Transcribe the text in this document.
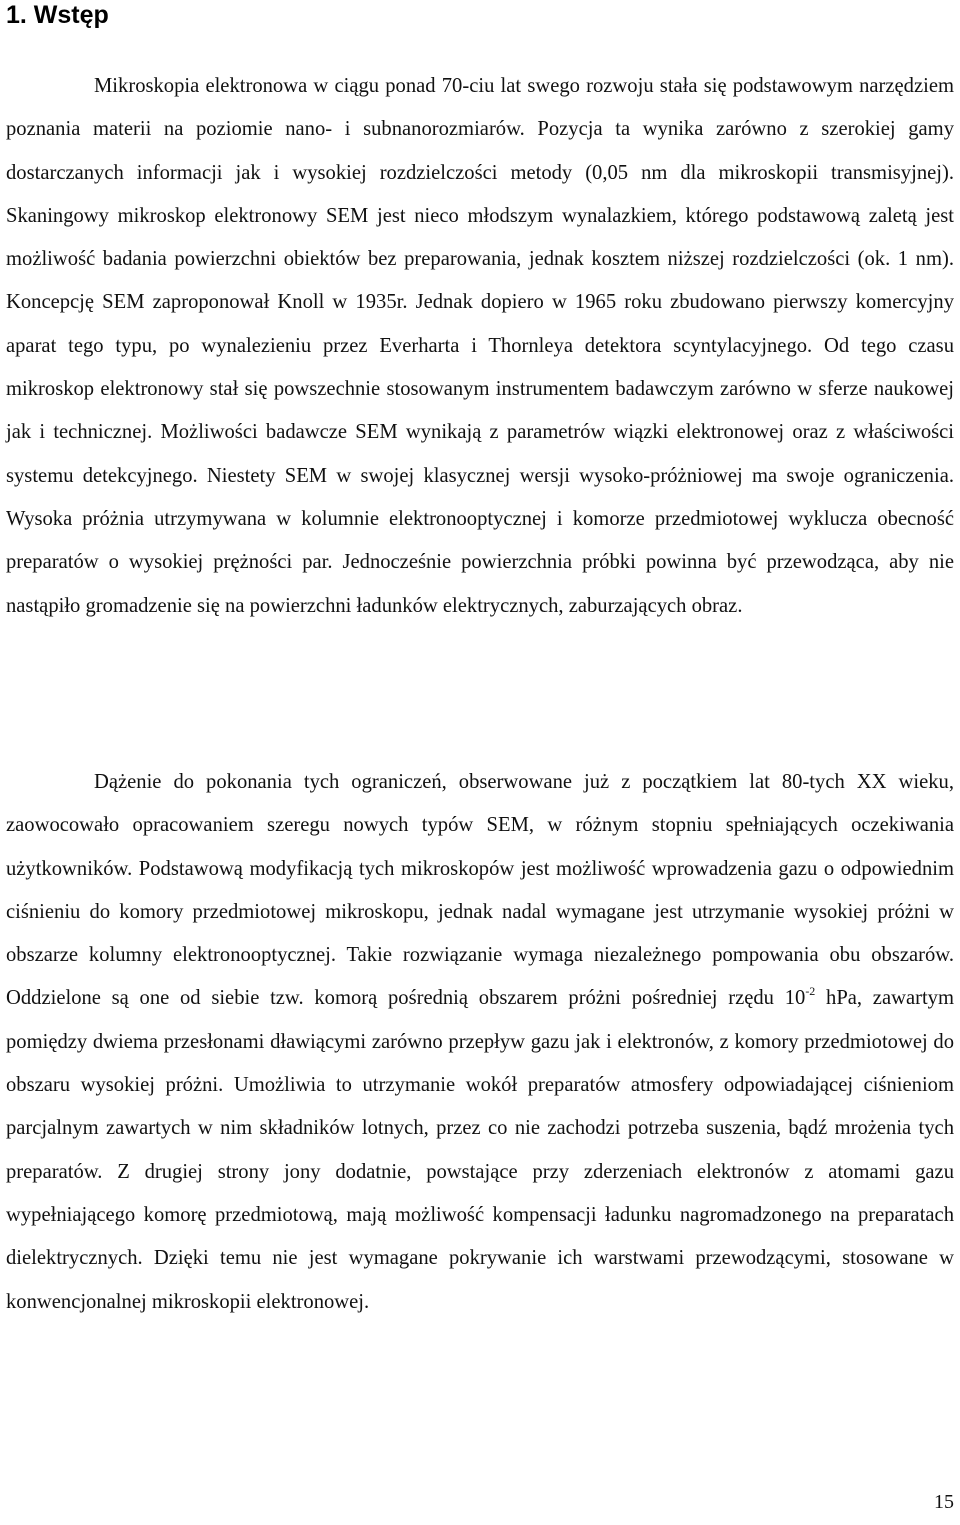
1. Wstęp

Mikroskopia elektronowa w ciągu ponad 70-ciu lat swego rozwoju stała się podstawowym narzędziem poznania materii na poziomie nano- i subnanorozmiarów. Pozycja ta wynika zarówno z szerokiej gamy dostarczanych informacji jak i wysokiej rozdzielczości metody (0,05 nm dla mikroskopii transmisyjnej). Skaningowy mikroskop elektronowy SEM jest nieco młodszym wynalazkiem, którego podstawową zaletą jest możliwość badania powierzchni obiektów bez preparowania, jednak kosztem niższej rozdzielczości (ok. 1 nm). Koncepcję SEM zaproponował Knoll w 1935r. Jednak dopiero w 1965 roku zbudowano pierwszy komercyjny aparat tego typu, po wynalezieniu przez Everharta i Thornleya detektora scyntylacyjnego. Od tego czasu mikroskop elektronowy stał się powszechnie stosowanym instrumentem badawczym zarówno w sferze naukowej jak i technicznej. Możliwości badawcze SEM wynikają z parametrów wiązki elektronowej oraz z właściwości systemu detekcyjnego. Niestety SEM w swojej klasycznej wersji wysoko-próżniowej ma swoje ograniczenia. Wysoka próżnia utrzymywana w kolumnie elektronooptycznej i komorze przedmiotowej wyklucza obecność preparatów o wysokiej prężności par. Jednocześnie powierzchnia próbki powinna być przewodząca, aby nie nastąpiło gromadzenie się na powierzchni ładunków elektrycznych, zaburzających obraz.

Dążenie do pokonania tych ograniczeń, obserwowane już z początkiem lat 80-tych XX wieku, zaowocowało opracowaniem szeregu nowych typów SEM, w różnym stopniu spełniających oczekiwania użytkowników. Podstawową modyfikacją tych mikroskopów jest możliwość wprowadzenia gazu o odpowiednim ciśnieniu do komory przedmiotowej mikroskopu, jednak nadal wymagane jest utrzymanie wysokiej próżni w obszarze kolumny elektronooptycznej. Takie rozwiązanie wymaga niezależnego pompowania obu obszarów. Oddzielone są one od siebie tzw. komorą pośrednią obszarem próżni pośredniej rzędu $10^{-2}$ hPa, zawartym pomiędzy dwiema przesłonami dławiącymi zarówno przepływ gazu jak i elektronów, z komory przedmiotowej do obszaru wysokiej próżni. Umożliwia to utrzymanie wokół preparatów atmosfery odpowiadającej ciśnieniom parcjalnym zawartych w nim składników lotnych, przez co nie zachodzi potrzeba suszenia, bądź mrożenia tych preparatów. Z drugiej strony jony dodatnie, powstające przy zderzeniach elektronów z atomami gazu wypełniającego komorę przedmiotową, mają możliwość kompensacji ładunku nagromadzonego na preparatach dielektrycznych. Dzięki temu nie jest wymagane pokrywanie ich warstwami przewodzącymi, stosowane w konwencjonalnej mikroskopii elektronowej.

15
